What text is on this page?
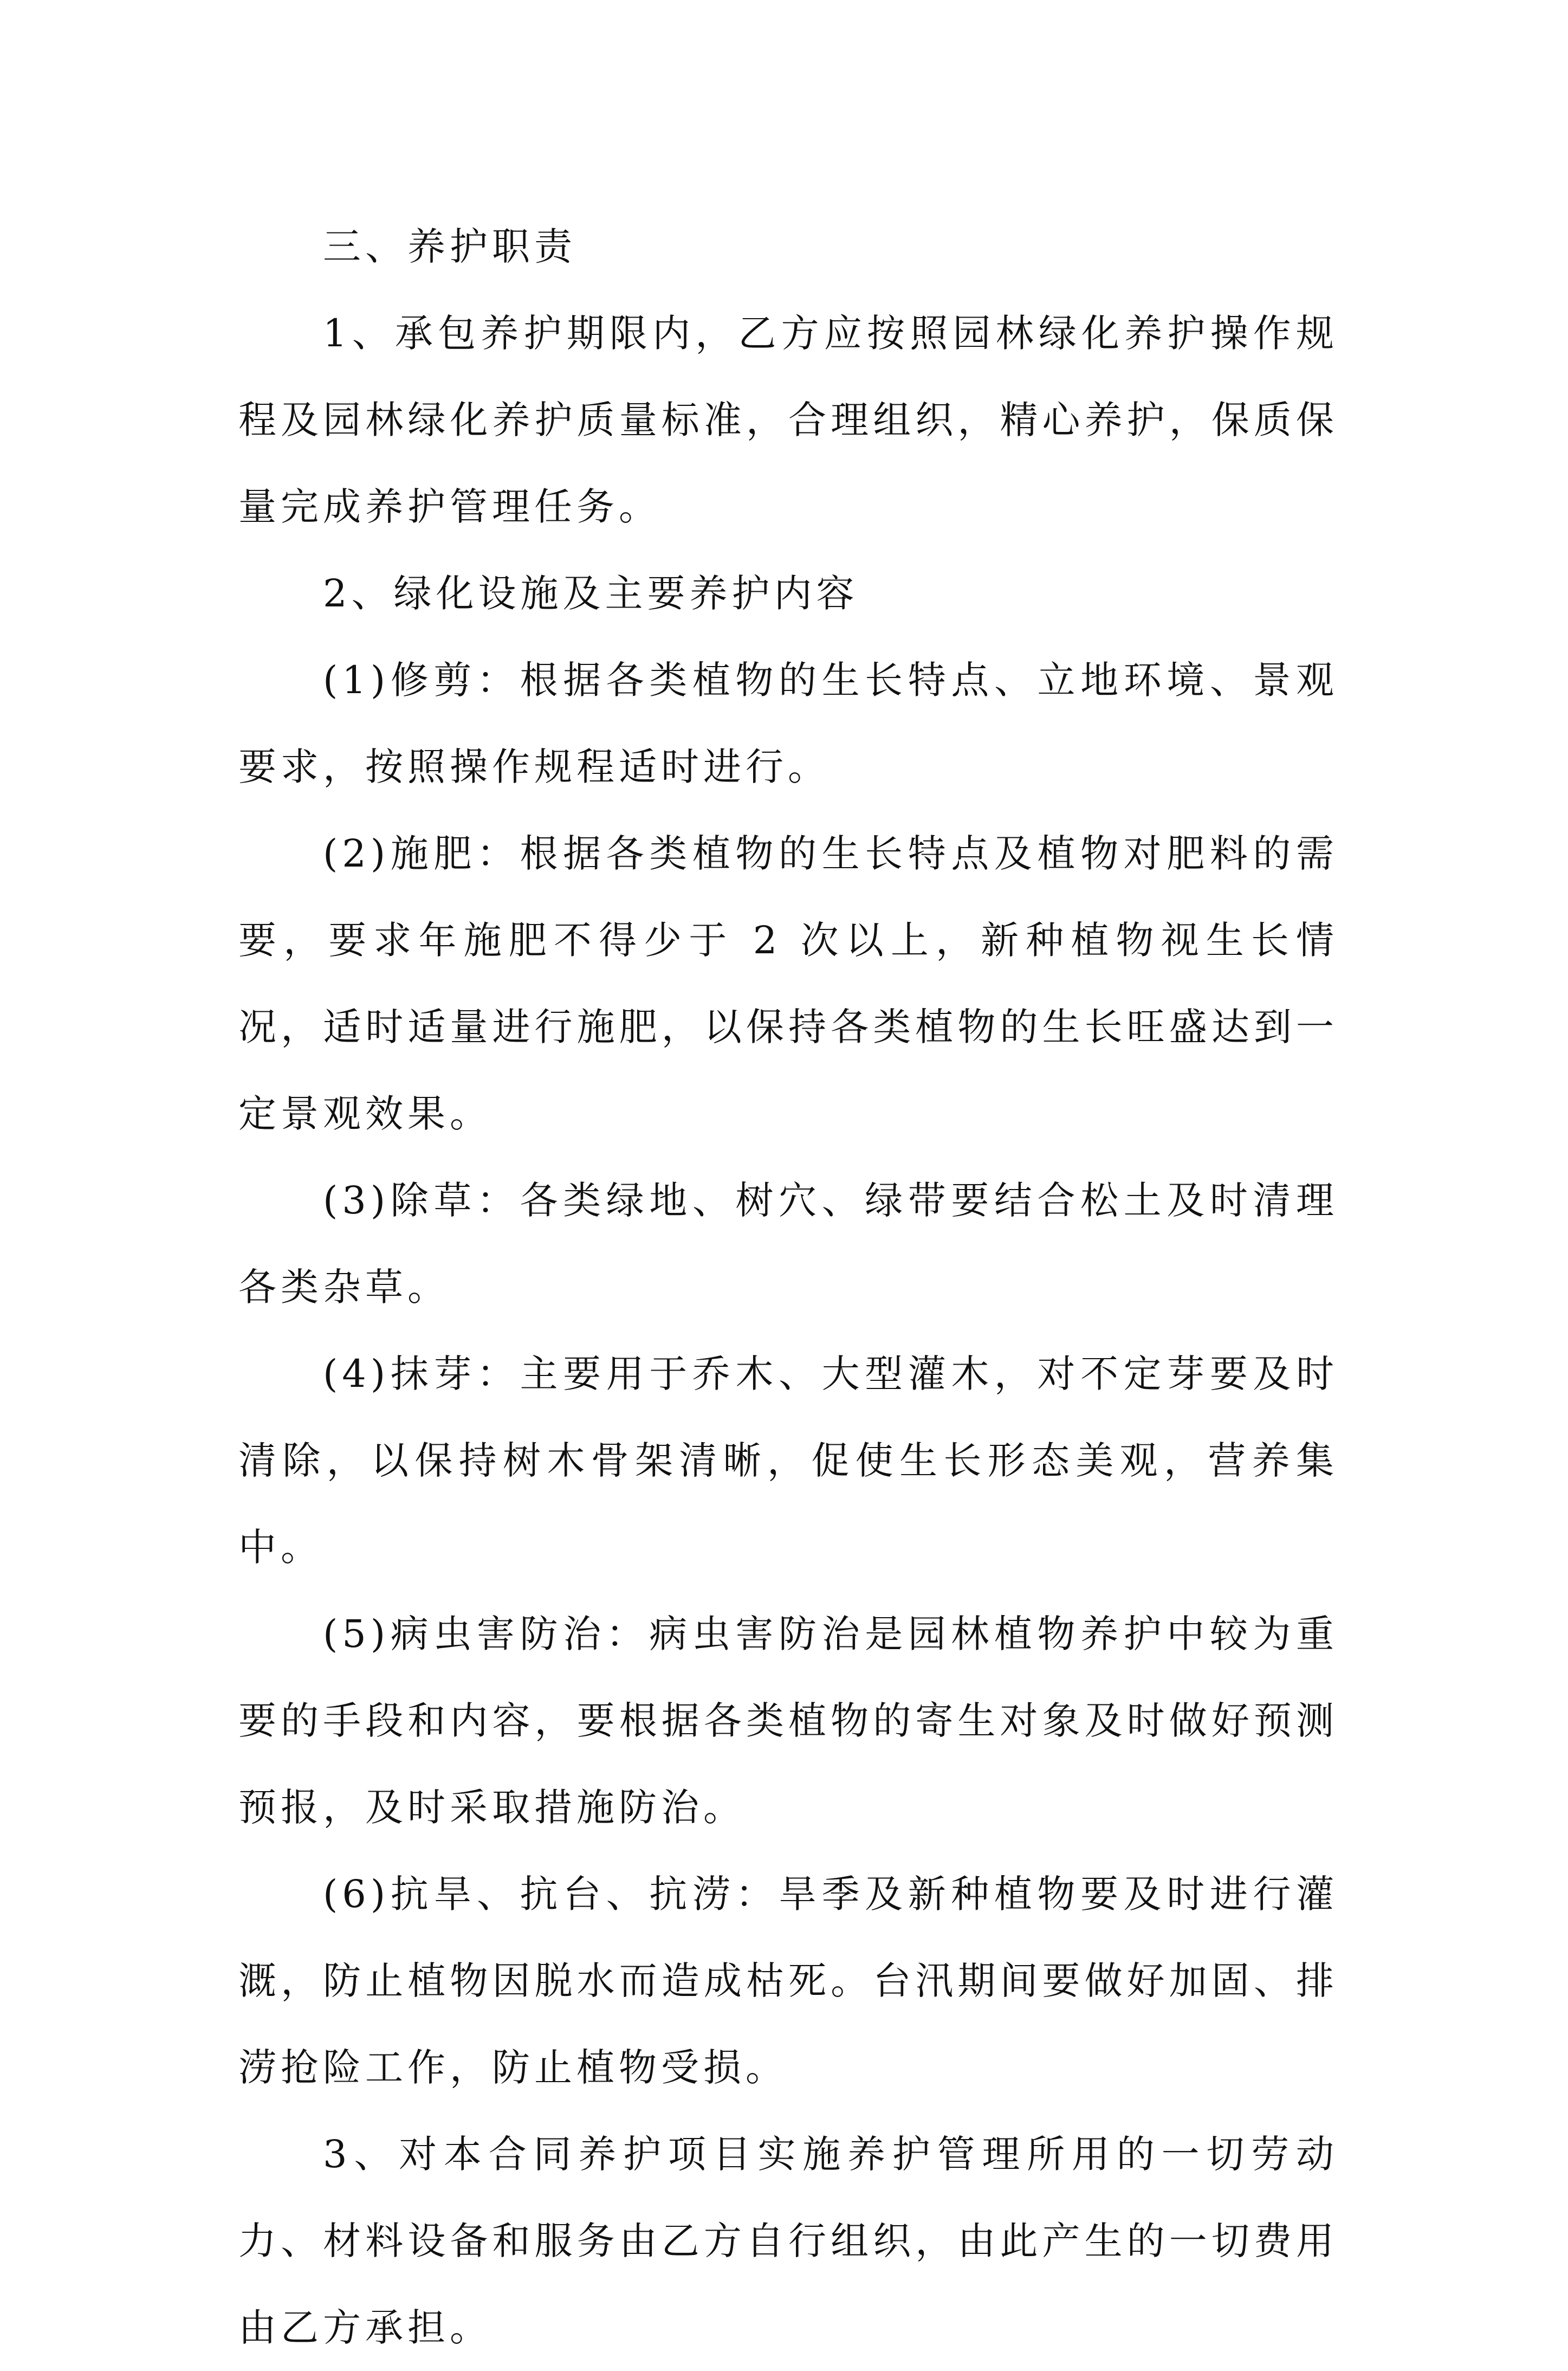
三、养护职责

1、承包养护期限内，乙方应按照园林绿化养护操作规程及园林绿化养护质量标准，合理组织，精心养护，保质保量完成养护管理任务。

2、绿化设施及主要养护内容

(1)修剪：根据各类植物的生长特点、立地环境、景观要求，按照操作规程适时进行。

(2)施肥：根据各类植物的生长特点及植物对肥料的需要，要求年施肥不得少于 2 次以上，新种植物视生长情况，适时适量进行施肥，以保持各类植物的生长旺盛达到一定景观效果。

(3)除草：各类绿地、树穴、绿带要结合松土及时清理各类杂草。

(4)抹芽：主要用于乔木、大型灌木，对不定芽要及时清除，以保持树木骨架清晰，促使生长形态美观，营养集中。

(5)病虫害防治：病虫害防治是园林植物养护中较为重要的手段和内容，要根据各类植物的寄生对象及时做好预测预报，及时采取措施防治。

(6)抗旱、抗台、抗涝：旱季及新种植物要及时进行灌溉，防止植物因脱水而造成枯死。台汛期间要做好加固、排涝抢险工作，防止植物受损。

3、对本合同养护项目实施养护管理所用的一切劳动力、材料设备和服务由乙方自行组织，由此产生的一切费用由乙方承担。
